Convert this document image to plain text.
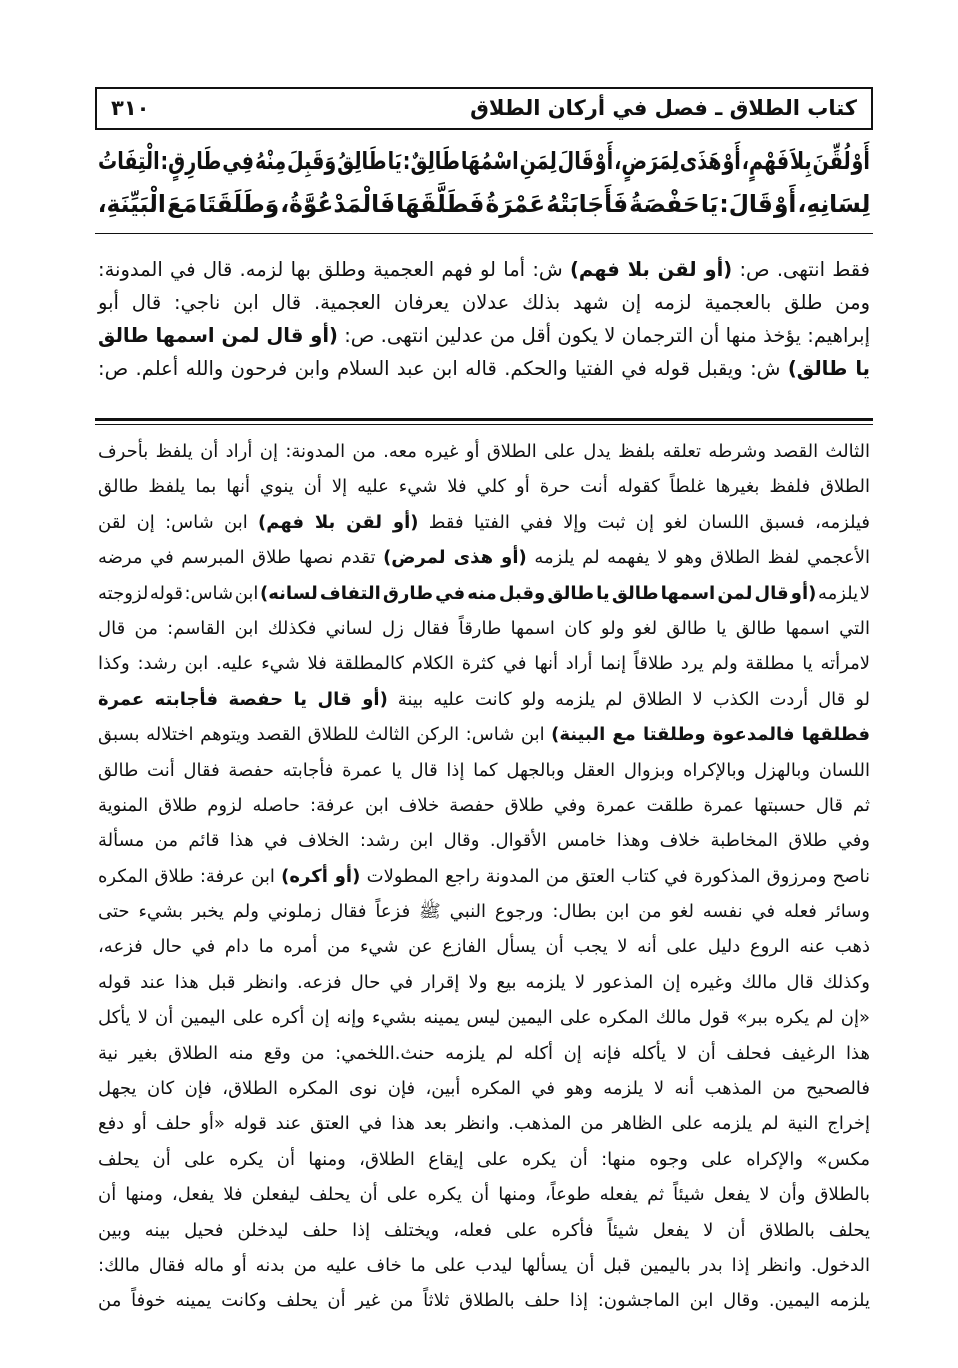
كتاب الطلاق ـ فصل في أركان الطلاق
٣١٠
أَوْ لُقِّنَ بِلاَ فَهْمٍ، أَوْ هَذَى لِمَرَضٍ، أَوْ قَالَ لِمَنِ اسْمُهَا طَالِقٌ: يَا طَالِقُ وَقَبِلَ مِنْهُ فِي طَارِقٍ: الْتِفَاتُ
لِسَانِهِ، أَوْ قَالَ: يَا حَفْصَةُ فَأَجَابَتْهُ عَمْرَةُ فَطَلَّقَهَا فَالْمَدْعُوَّةُ، وَطَلَقَتَا مَعَ الْبَيِّنَةِ،
فقط انتهى. ص: (أو لقن بلا فهم) ش: أما لو فهم العجمية وطلق بها لزمه. قال في المدونة:
ومن طلق بالعجمية لزمه إن شهد بذلك عدلان يعرفان العجمية. قال ابن ناجي: قال أبو
إبراهيم: يؤخذ منها أن الترجمان لا يكون أقل من عدلين انتهى. ص: (أو قال لمن اسمها طالق
يا طالق) ش: ويقبل قوله في الفتيا والحكم. قاله ابن عبد السلام وابن فرحون والله أعلم. ص:
الثالث القصد وشرطه تعلقه بلفظ يدل على الطلاق أو غيره معه. من المدونة: إن أراد أن يلفظ بأحرف
الطلاق فلفظ بغيرها غلطاً كقوله أنت حرة أو كلي فلا شيء عليه إلا أن ينوي أنها بما يلفظ طالق
فيلزمه، فسبق اللسان لغو إن ثبت وإلا ففي الفتيا فقط (أو لقن بلا فهم) ابن شاس: إن لقن
الأعجمي لفظ الطلاق وهو لا يفهمه لم يلزمه (أو هذى لمرض) تقدم نصها طلاق المبرسم في مرضه
لا يلزمه (أو قال لمن اسمها طالق يا طالق وقبل منه في طارق التفاف لسانه) ابن شاس: قوله لزوجته
التي اسمها طالق يا طالق لغو ولو كان اسمها طارقاً فقال زل لساني فكذلك ابن القاسم: من قال
لامرأته يا مطلقة ولم يرد طلاقاً إنما أراد أنها في كثرة الكلام كالمطلقة فلا شيء عليه. ابن رشد: وكذا
لو قال أردت الكذب لا الطلاق لم يلزمه ولو كانت عليه بينة (أو قال يا حفصة فأجابته عمرة
فطلقها فالمدعوة وطلقتا مع البينة) ابن شاس: الركن الثالث للطلاق القصد ويتوهم اختلاله بسبق
اللسان وبالهزل وبالإكراه وبزوال العقل وبالجهل كما إذا قال يا عمرة فأجابته حفصة فقال أنت طالق
ثم قال حسبتها عمرة طلقت عمرة وفي طلاق حفصة خلاف ابن عرفة: حاصله لزوم طلاق المنوية
وفي طلاق المخاطبة خلاف وهذا خامس الأقوال. وقال ابن رشد: الخلاف في هذا قائم من مسألة
ناصح ومرزوق المذكورة في كتاب العتق من المدونة راجع المطولات (أو أكره) ابن عرفة: طلاق المكره
وسائر فعله في نفسه لغو من ابن بطال: ورجوع النبي ﷺ فزعاً فقال زملوني ولم يخبر بشيء حتى
ذهب عنه الروع دليل على أنه لا يجب أن يسأل الفازع عن شيء من أمره ما دام في حال فزعه،
وكذلك قال مالك وغيره إن المذعور لا يلزمه بيع ولا إقرار في حال فزعه. وانظر قبل هذا عند قوله
«إن لم يكره ببر» قول مالك المكره على اليمين ليس يمينه بشيء وإنه إن أكره على اليمين أن لا يأكل
هذا الرغيف فحلف أن لا يأكله فإنه إن أكله لم يلزمه حنث.اللخمي: من وقع منه الطلاق بغير نية
فالصحيح من المذهب أنه لا يلزمه وهو في المكره أبين، فإن نوى المكره الطلاق، فإن كان يجهل
إخراج النية لم يلزمه على الظاهر من المذهب. وانظر بعد هذا في العتق عند قوله «أو حلف أو دفع
مكس» والإكراه على وجوه منها: أن يكره على إيقاع الطلاق، ومنها أن يكره على أن يحلف
بالطلاق وأن لا يفعل شيئاً ثم يفعله طوعاً، ومنها أن يكره على أن يحلف ليفعلن فلا يفعل، ومنها أن
يحلف بالطلاق أن لا يفعل شيئاً فأكره على فعله، ويختلف إذا حلف ليدخلن فحيل بينه وبين
الدخول. وانظر إذا بدر باليمين قبل أن يسألها ليدب على ما خاف عليه من بدنه أو ماله فقال مالك:
يلزمه اليمين. وقال ابن الماجشون: إذا حلف بالطلاق ثلاثاً من غير أن يحلف وكانت يمينه خوفاً من
